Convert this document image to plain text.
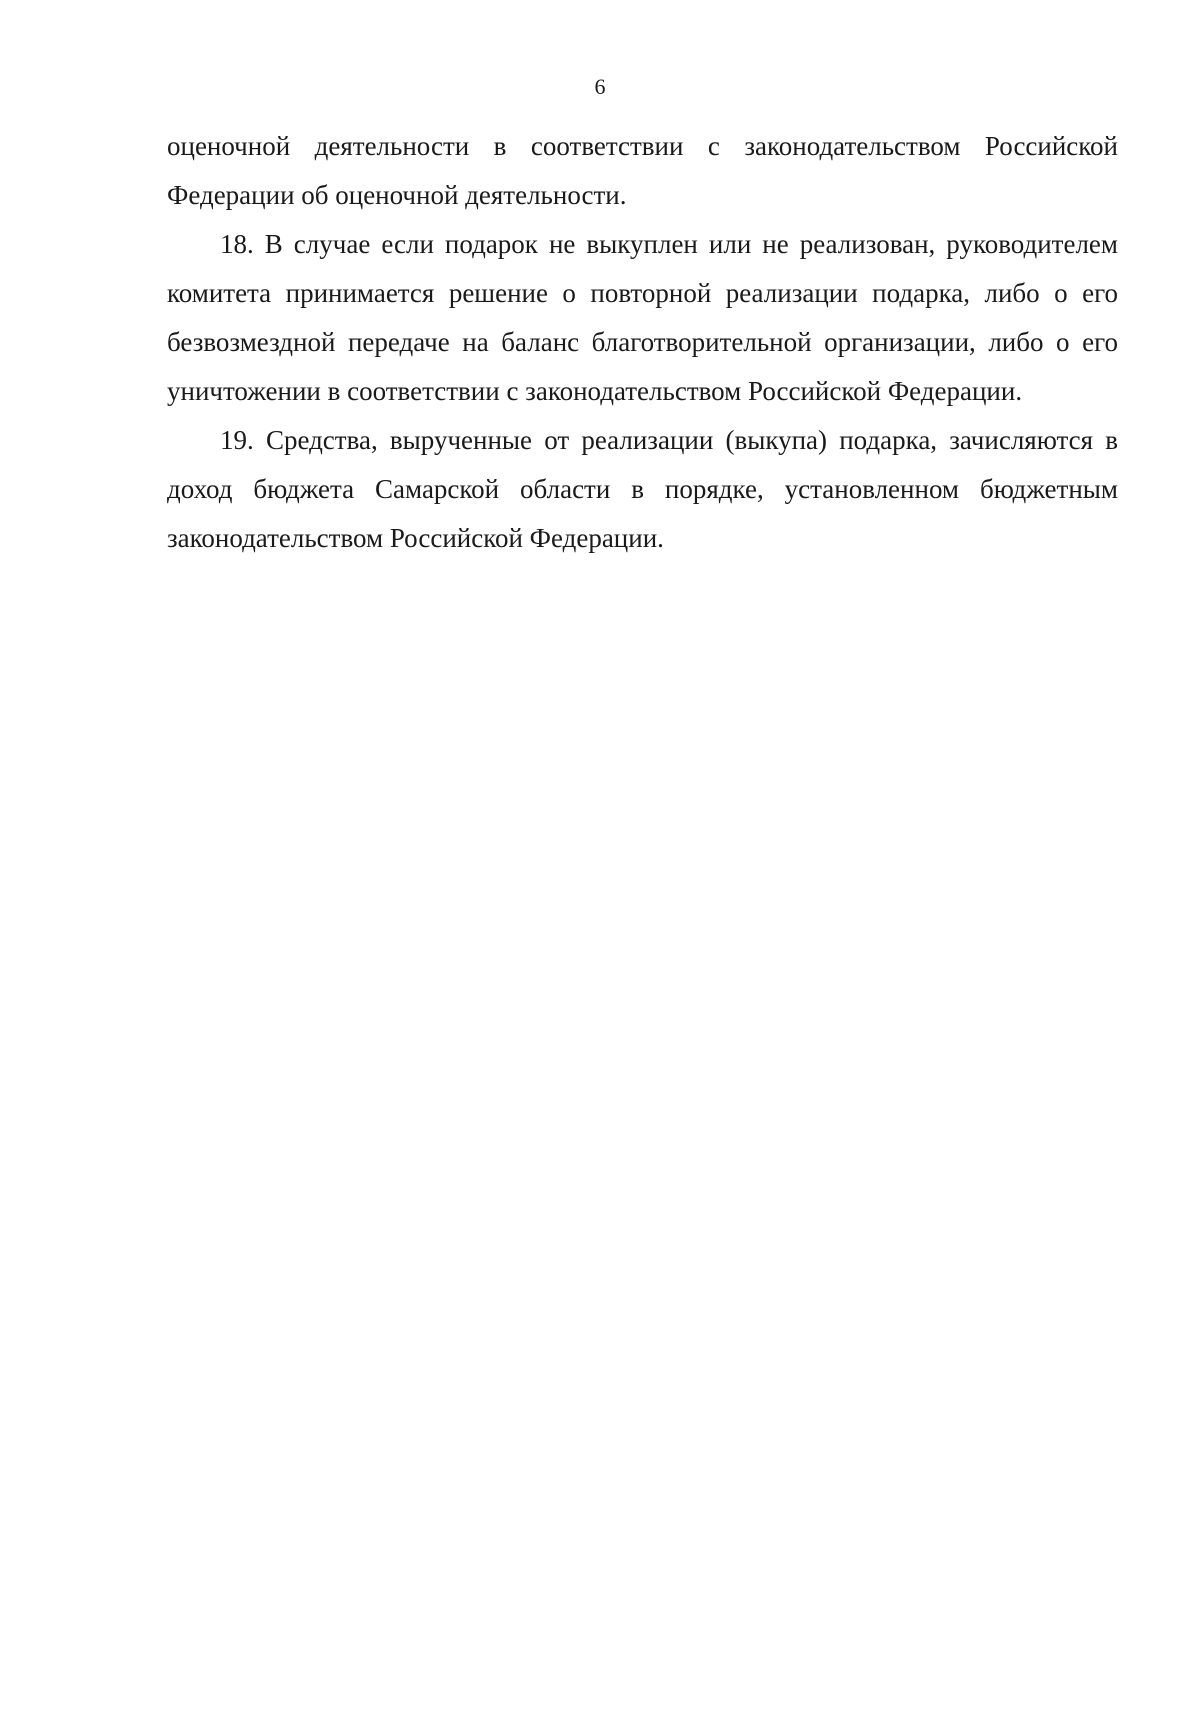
6

оценочной деятельности в соответствии с законодательством Российской Федерации об оценочной деятельности.

18. В случае если подарок не выкуплен или не реализован, руководителем комитета принимается решение о повторной реализации подарка, либо о его безвозмездной передаче на баланс благотворительной организации, либо о его уничтожении в соответствии с законодательством Российской Федерации.

19. Средства, вырученные от реализации (выкупа) подарка, зачисляются в доход бюджета Самарской области в порядке, установленном бюджетным законодательством Российской Федерации.
